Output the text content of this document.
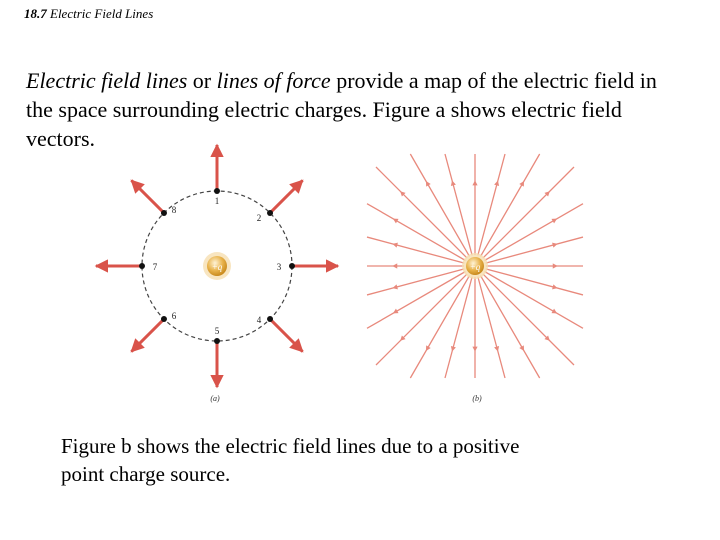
18.7 Electric Field Lines
Electric field lines or lines of force provide a map of the electric field in the space surrounding electric charges. Figure a shows electric field vectors.
1
2
3
4
5
6
7
8
+q
(a)
+q
(b)
Figure b shows the electric field lines due to a positive point charge source.
